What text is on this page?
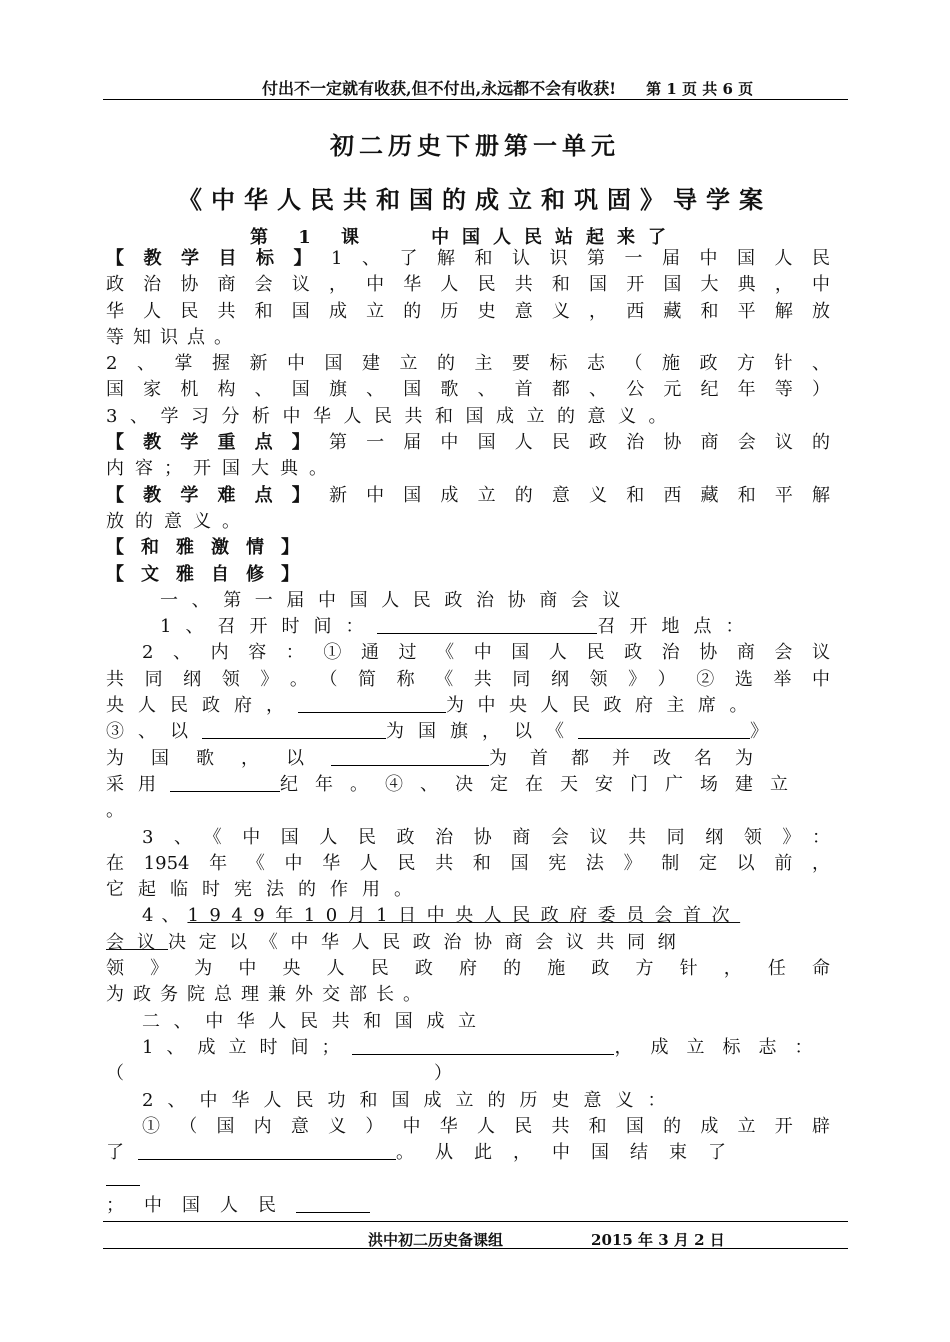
付出不一定就有收获,但不付出,永远都不会有收获! 第 1 页 共 6 页
初二历史下册第一单元
《中华人民共和国的成立和巩固》导学案
第 1 课	中国人民站起来了
【教学目标】1、了解和认识第一届中国人民
政治协商会议，中华人民共和国开国大典，中
华人民共和国成立的历史意义，西藏和平解放
等知识点。
2、掌握新中国建立的主要标志（施政方针、
国家机构、国旗、国歌、首都、公元纪年等）
3、学习分析中华人民共和国成立的意义。
【教学重点】第一届中国人民政治协商会议的
内容；开国大典。
【教学难点】新中国成立的意义和西藏和平解
放的意义。
【和雅激情】
【文雅自修】
一、第一届中国人民政治协商会议
1、召开时间：	召开地点：
2、内容：①通过《中国人民政治协商会议
共同纲领》。（简称《共同纲领》）②选举中
央人民政府，	为中央人民政府主席。
③、以	为国旗，以《	》
为国歌，以	为首都并改名为
采用	纪年。④、决定在天安门广场建立
。
3、《中国人民政治协商会议共同纲领》：
在1954年《中华人民共和国宪法》制定以前，
它起临时宪法的作用。
4、1949年10月1日中央人民政府委员会首次
会议决定以《中华人民政治协商会议共同纲
领》为中央人民政府的施政方针，任命
为政务院总理兼外交部长。
二、中华人民共和国成立
1、成立时间；	，成立标志：
（	）
2、中华人民功和国成立的历史意义：
①（国内意义）中华人民共和国的成立开辟
了	。从此，中国结束了
；中国人民
洪中初二历史备课组	2015 年 3 月 2 日
